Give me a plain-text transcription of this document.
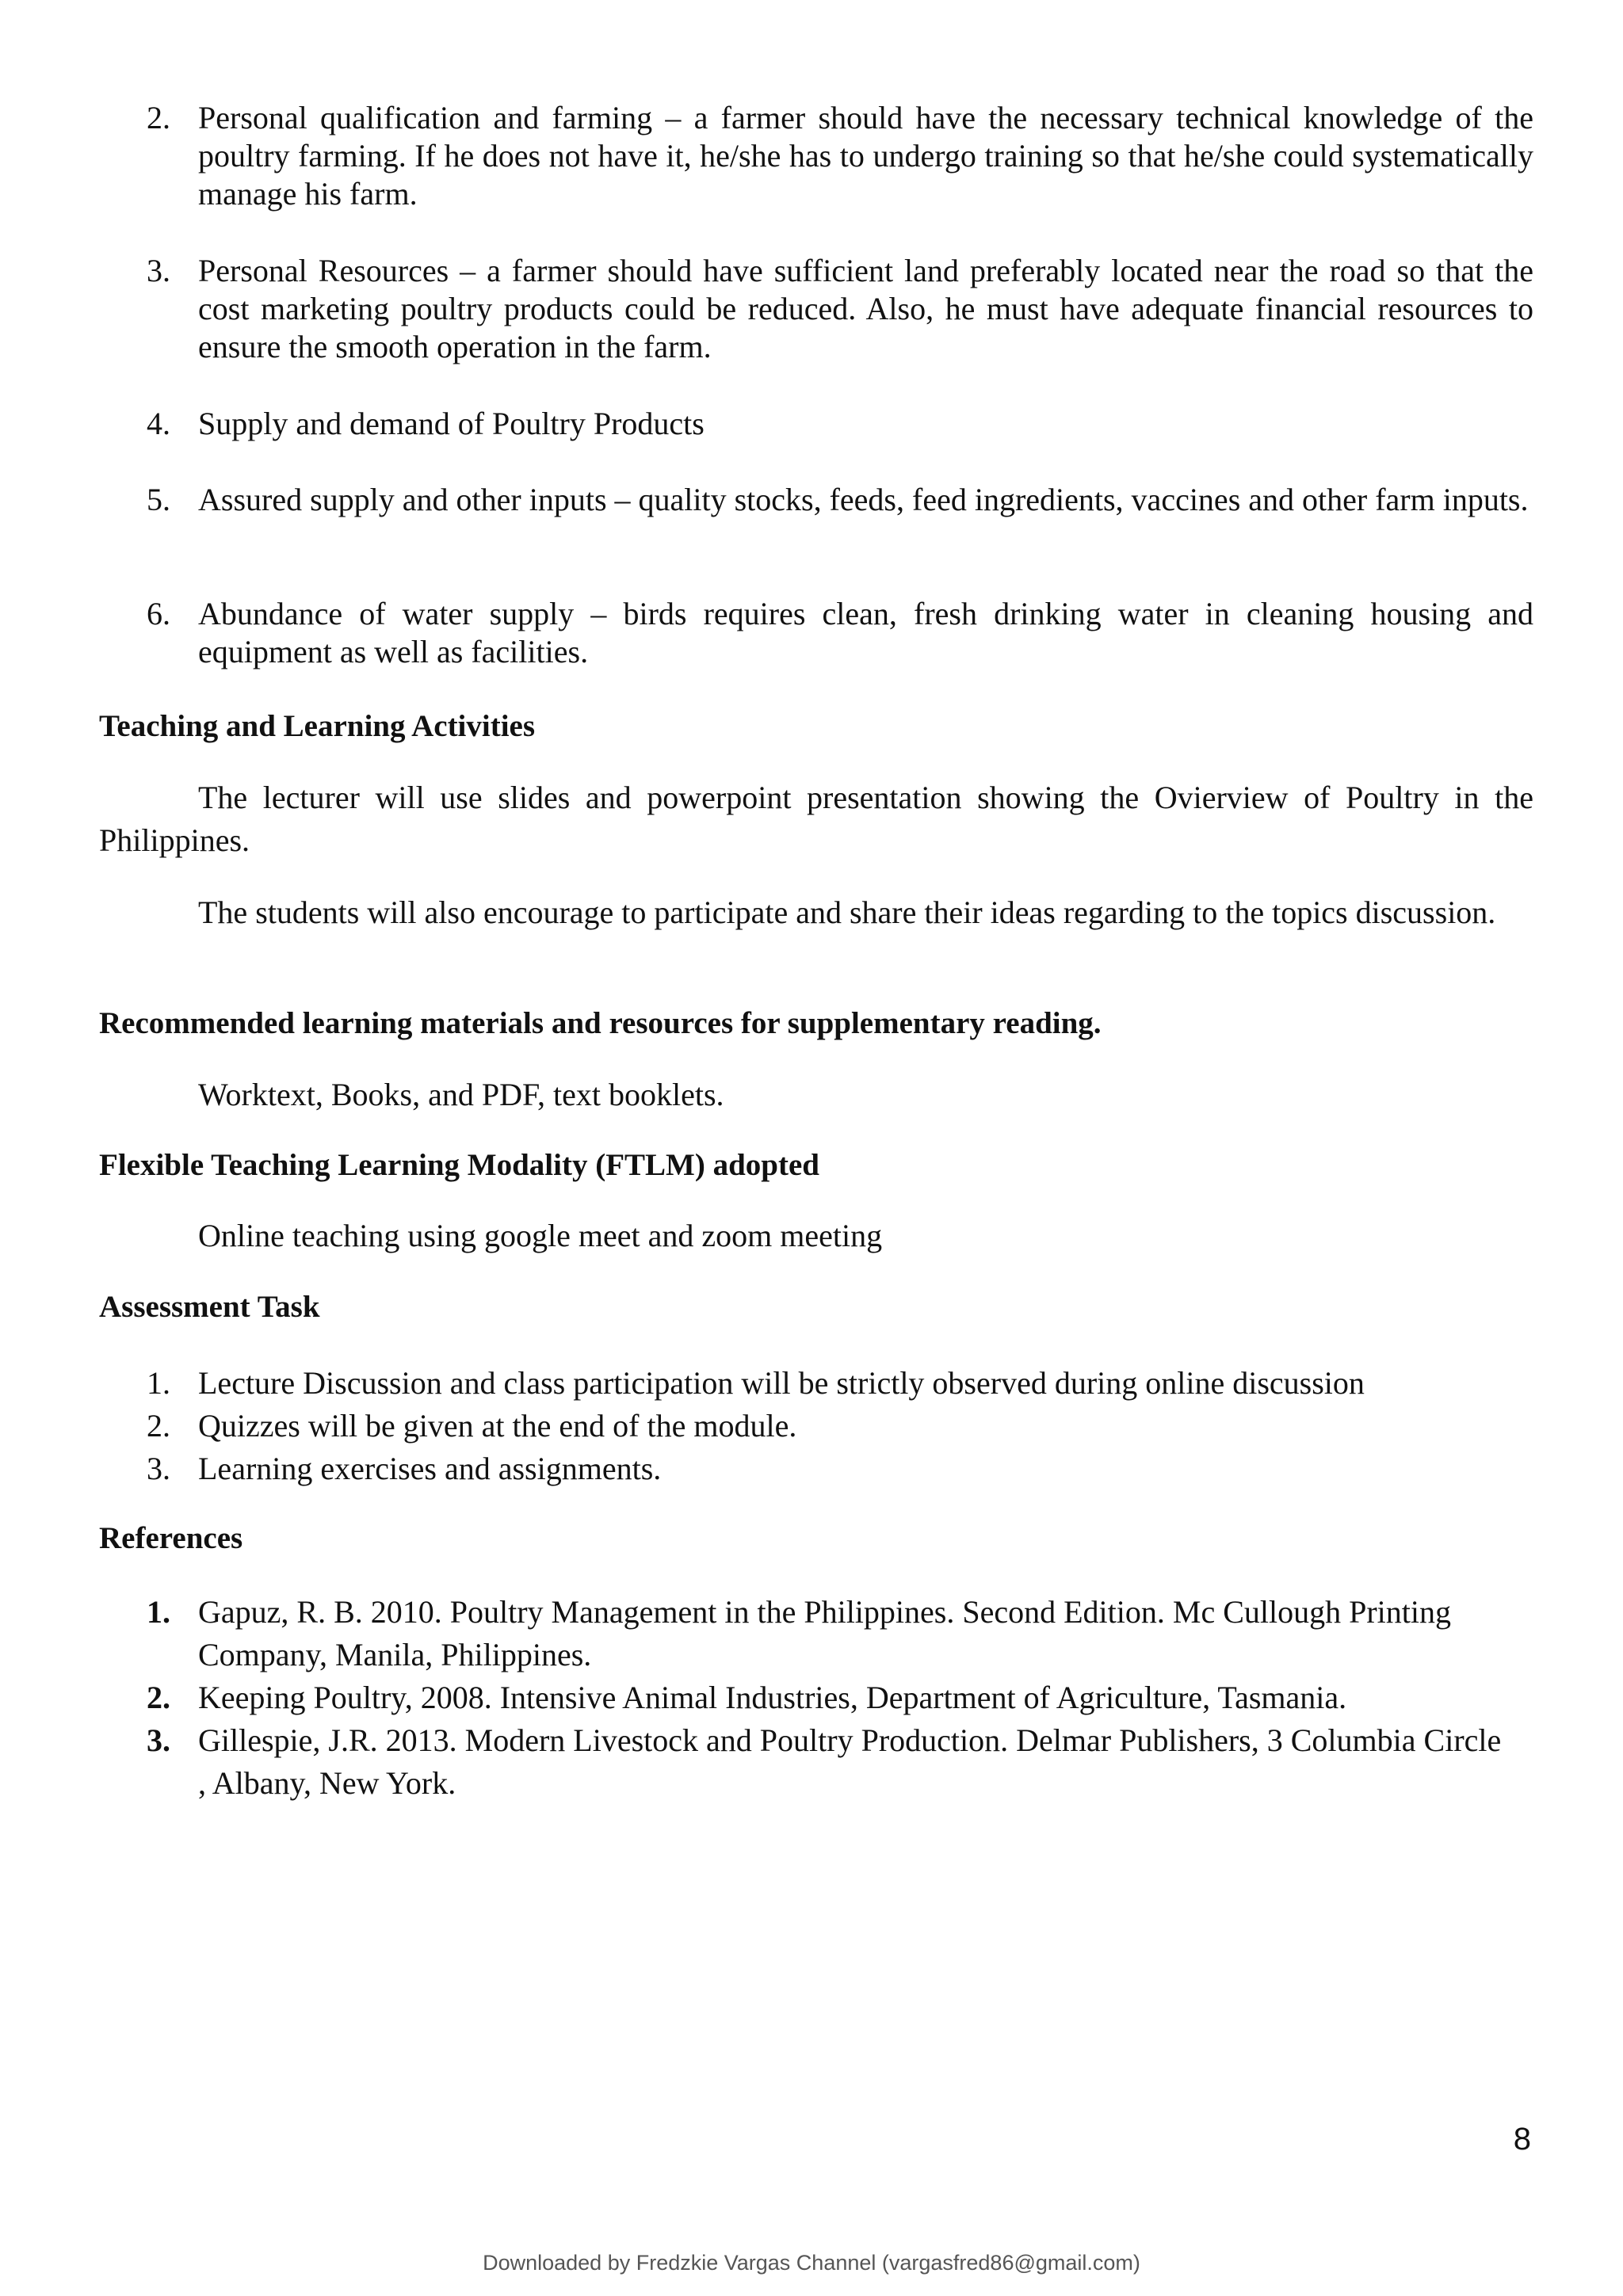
2. Personal qualification and farming – a farmer should have the necessary technical knowledge of the poultry farming. If he does not have it, he/she has to undergo training so that he/she could systematically manage his farm.
3. Personal Resources – a farmer should have sufficient land preferably located near the road so that the cost marketing poultry products could be reduced. Also, he must have adequate financial resources to ensure the smooth operation in the farm.
4. Supply and demand of Poultry Products
5. Assured supply and other inputs – quality stocks, feeds, feed ingredients, vaccines and other farm inputs.
6. Abundance of water supply – birds requires clean, fresh drinking water in cleaning housing and equipment as well as facilities.
Teaching and Learning Activities

The lecturer will use slides and powerpoint presentation showing the Ovierview of Poultry in the Philippines.

The students will also encourage to participate and share their ideas regarding to the topics discussion.

Recommended learning materials and resources for supplementary reading.

Worktext, Books, and PDF, text booklets.

Flexible Teaching Learning Modality (FTLM) adopted

Online teaching using google meet and zoom meeting

Assessment Task
1. Lecture Discussion and class participation will be strictly observed during online discussion
2. Quizzes will be given at the end of the module.
3. Learning exercises and assignments.
References
1. Gapuz, R. B. 2010. Poultry Management in the Philippines. Second Edition. Mc Cullough Printing Company, Manila, Philippines.
2. Keeping Poultry, 2008. Intensive Animal Industries, Department of Agriculture, Tasmania.
3. Gillespie, J.R. 2013. Modern Livestock and Poultry Production. Delmar Publishers, 3 Columbia Circle , Albany, New York.
8
Downloaded by Fredzkie Vargas Channel (vargasfred86@gmail.com)
